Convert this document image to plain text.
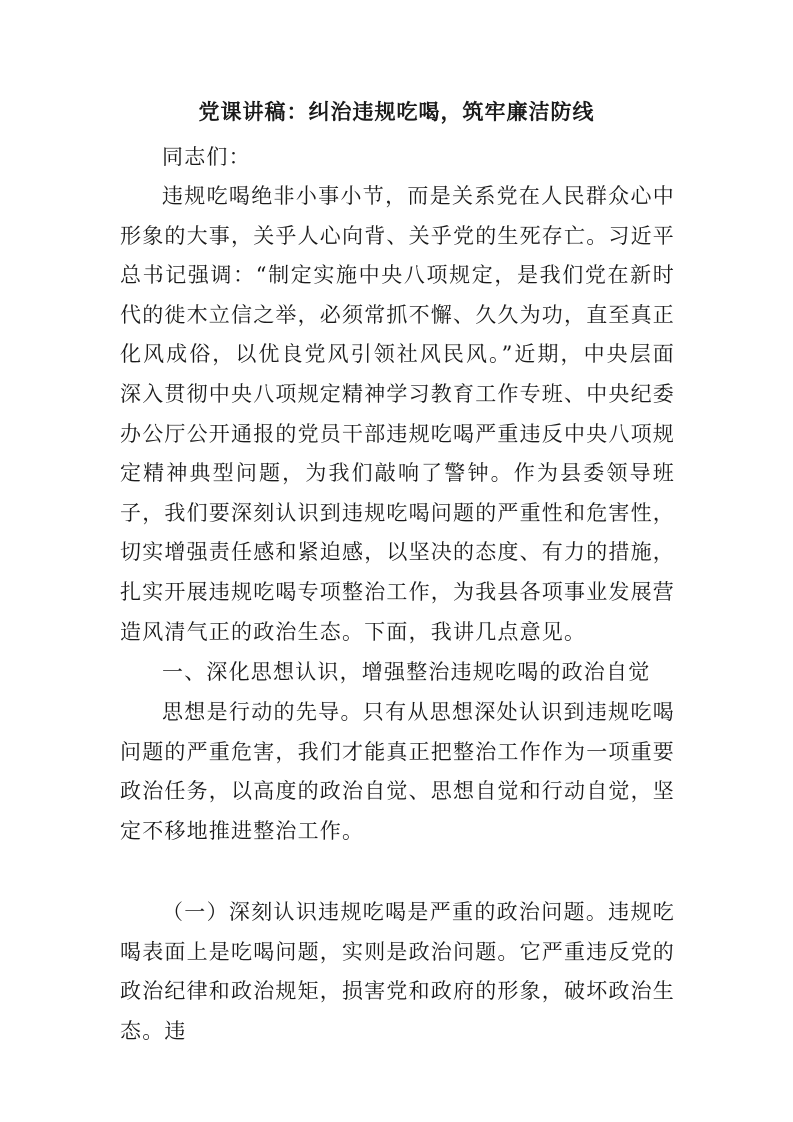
党课讲稿：纠治违规吃喝，筑牢廉洁防线

同志们：

违规吃喝绝非小事小节，而是关系党在人民群众心中形象的大事，关乎人心向背、关乎党的生死存亡。习近平总书记强调：“制定实施中央八项规定，是我们党在新时代的徙木立信之举，必须常抓不懈、久久为功，直至真正化风成俗，以优良党风引领社风民风。”近期，中央层面深入贯彻中央八项规定精神学习教育工作专班、中央纪委办公厅公开通报的党员干部违规吃喝严重违反中央八项规定精神典型问题，为我们敲响了警钟。作为县委领导班子，我们要深刻认识到违规吃喝问题的严重性和危害性，切实增强责任感和紧迫感，以坚决的态度、有力的措施，扎实开展违规吃喝专项整治工作，为我县各项事业发展营造风清气正的政治生态。下面，我讲几点意见。

一、深化思想认识，增强整治违规吃喝的政治自觉

思想是行动的先导。只有从思想深处认识到违规吃喝问题的严重危害，我们才能真正把整治工作作为一项重要政治任务，以高度的政治自觉、思想自觉和行动自觉，坚定不移地推进整治工作。

（一）深刻认识违规吃喝是严重的政治问题。违规吃喝表面上是吃喝问题，实则是政治问题。它严重违反党的政治纪律和政治规矩，损害党和政府的形象，破坏政治生态。违
